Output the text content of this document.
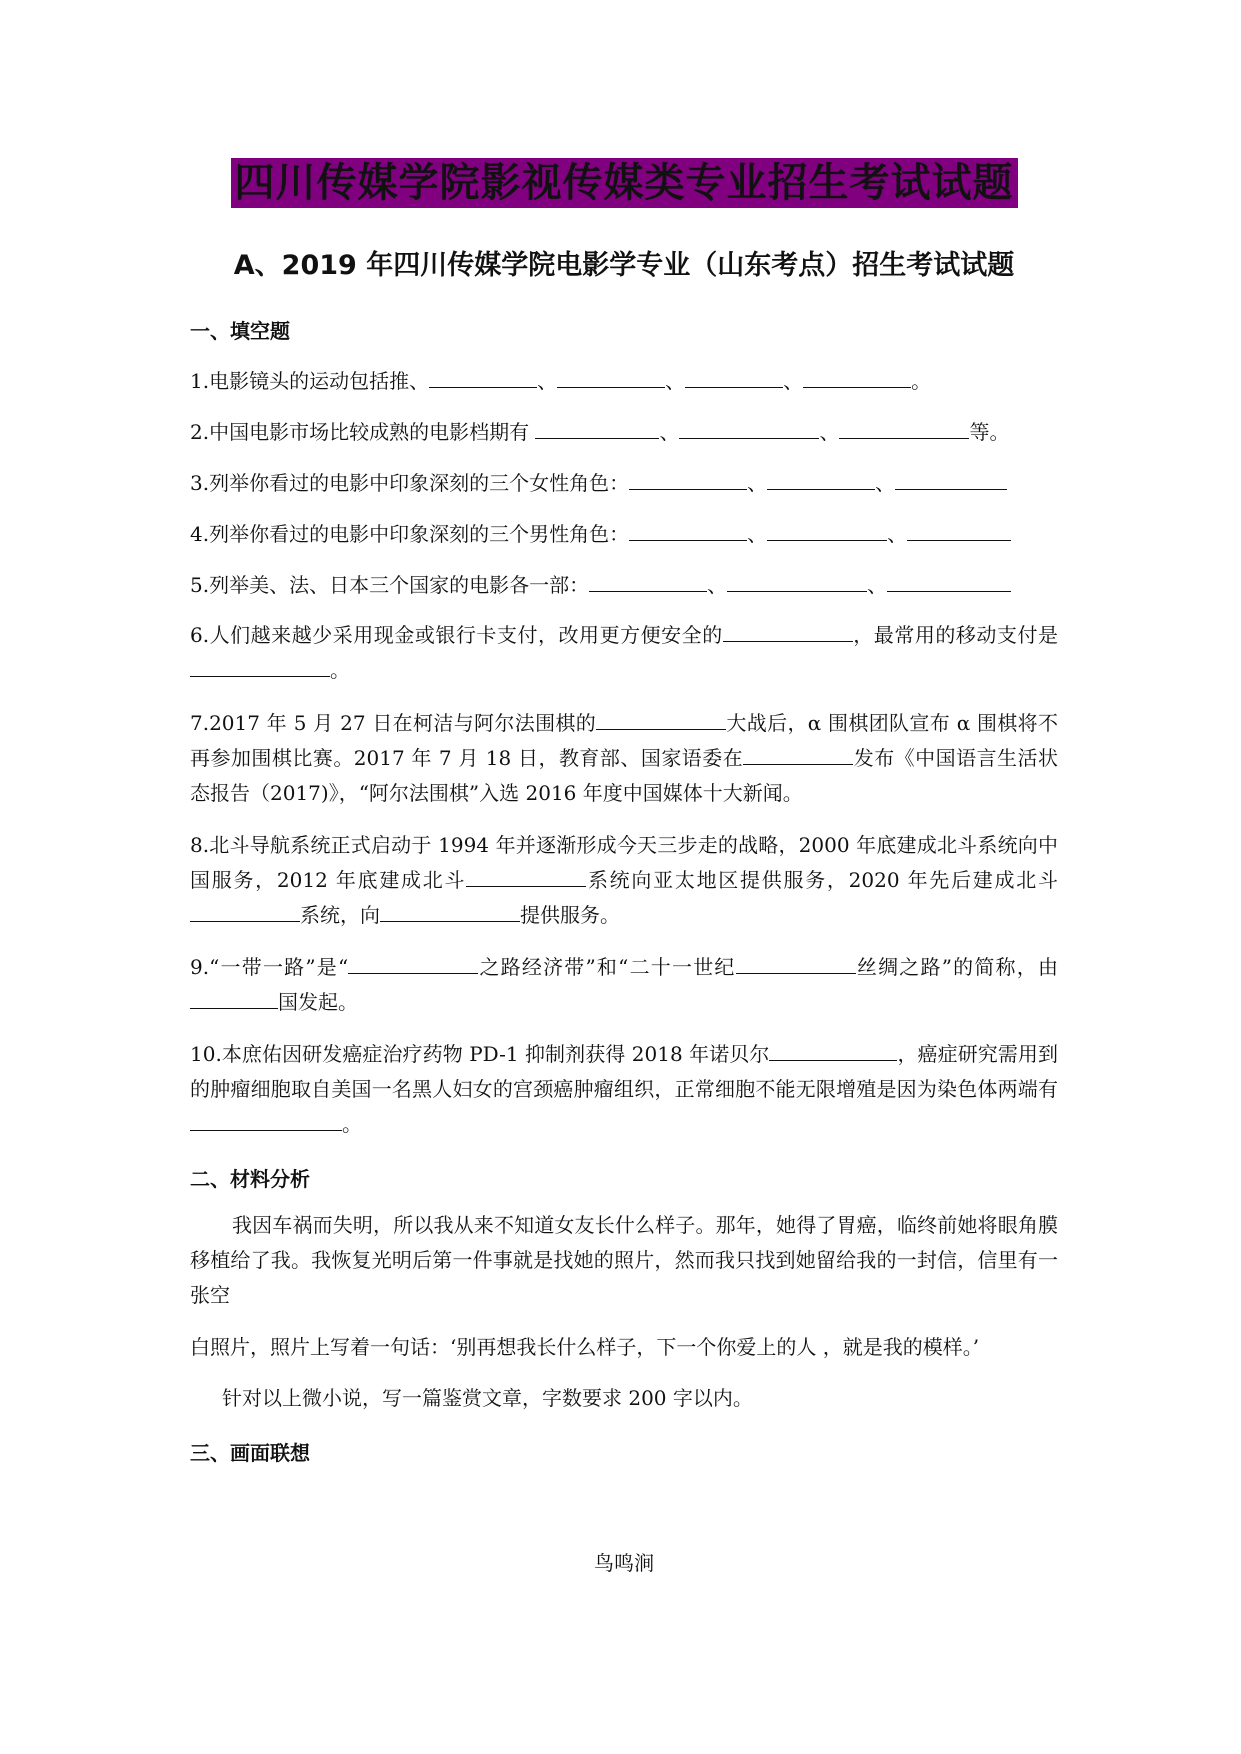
四川传媒学院影视传媒类专业招生考试试题
A、2019 年四川传媒学院电影学专业（山东考点）招生考试试题
一、填空题
1.电影镜头的运动包括推、	、	、	、	。
2.中国电影市场比较成熟的电影档期有	、	、	等。
3.列举你看过的电影中印象深刻的三个女性角色：	、	、
4.列举你看过的电影中印象深刻的三个男性角色：	、	、
5.列举美、法、日本三个国家的电影各一部：	、	、
6.人们越来越少采用现金或银行卡支付，改用更方便安全的	，最常用的移动支付是。
7.2017 年 5 月 27 日在柯洁与阿尔法围棋的	大战后，α 围棋团队宣布 α 围棋将不再参加围棋比赛。2017 年 7 月 18 日，教育部、国家语委在	发布《中国语言生活状态报告（2017)》，“阿尔法围棋”入选 2016 年度中国媒体十大新闻。
8.北斗导航系统正式启动于 1994 年并逐渐形成今天三步走的战略，2000 年底建成北斗系统向中国服务，2012 年底建成北斗	系统向亚太地区提供服务，2020 年先后建成北斗系统，向	提供服务。
9.“一带一路”是“	之路经济带”和“二十一世纪	丝绸之路”的简称，由国发起。
10.本庶佑因研发癌症治疗药物 PD-1 抑制剂获得 2018 年诺贝尔	，癌症研究需用到的肿瘤细胞取自美国一名黑人妇女的宫颈癌肿瘤组织，正常细胞不能无限增殖是因为染色体两端有。
二、材料分析
我因车祸而失明，所以我从来不知道女友长什么样子。那年，她得了胃癌，临终前她将眼角膜移植给了我。我恢复光明后第一件事就是找她的照片，然而我只找到她留给我的一封信，信里有一张空
白照片，照片上写着一句话：‘别再想我长什么样子，下一个你爱上的人 ，就是我的模样。’
针对以上微小说，写一篇鉴赏文章，字数要求 200 字以内。
三、画面联想
鸟鸣涧
